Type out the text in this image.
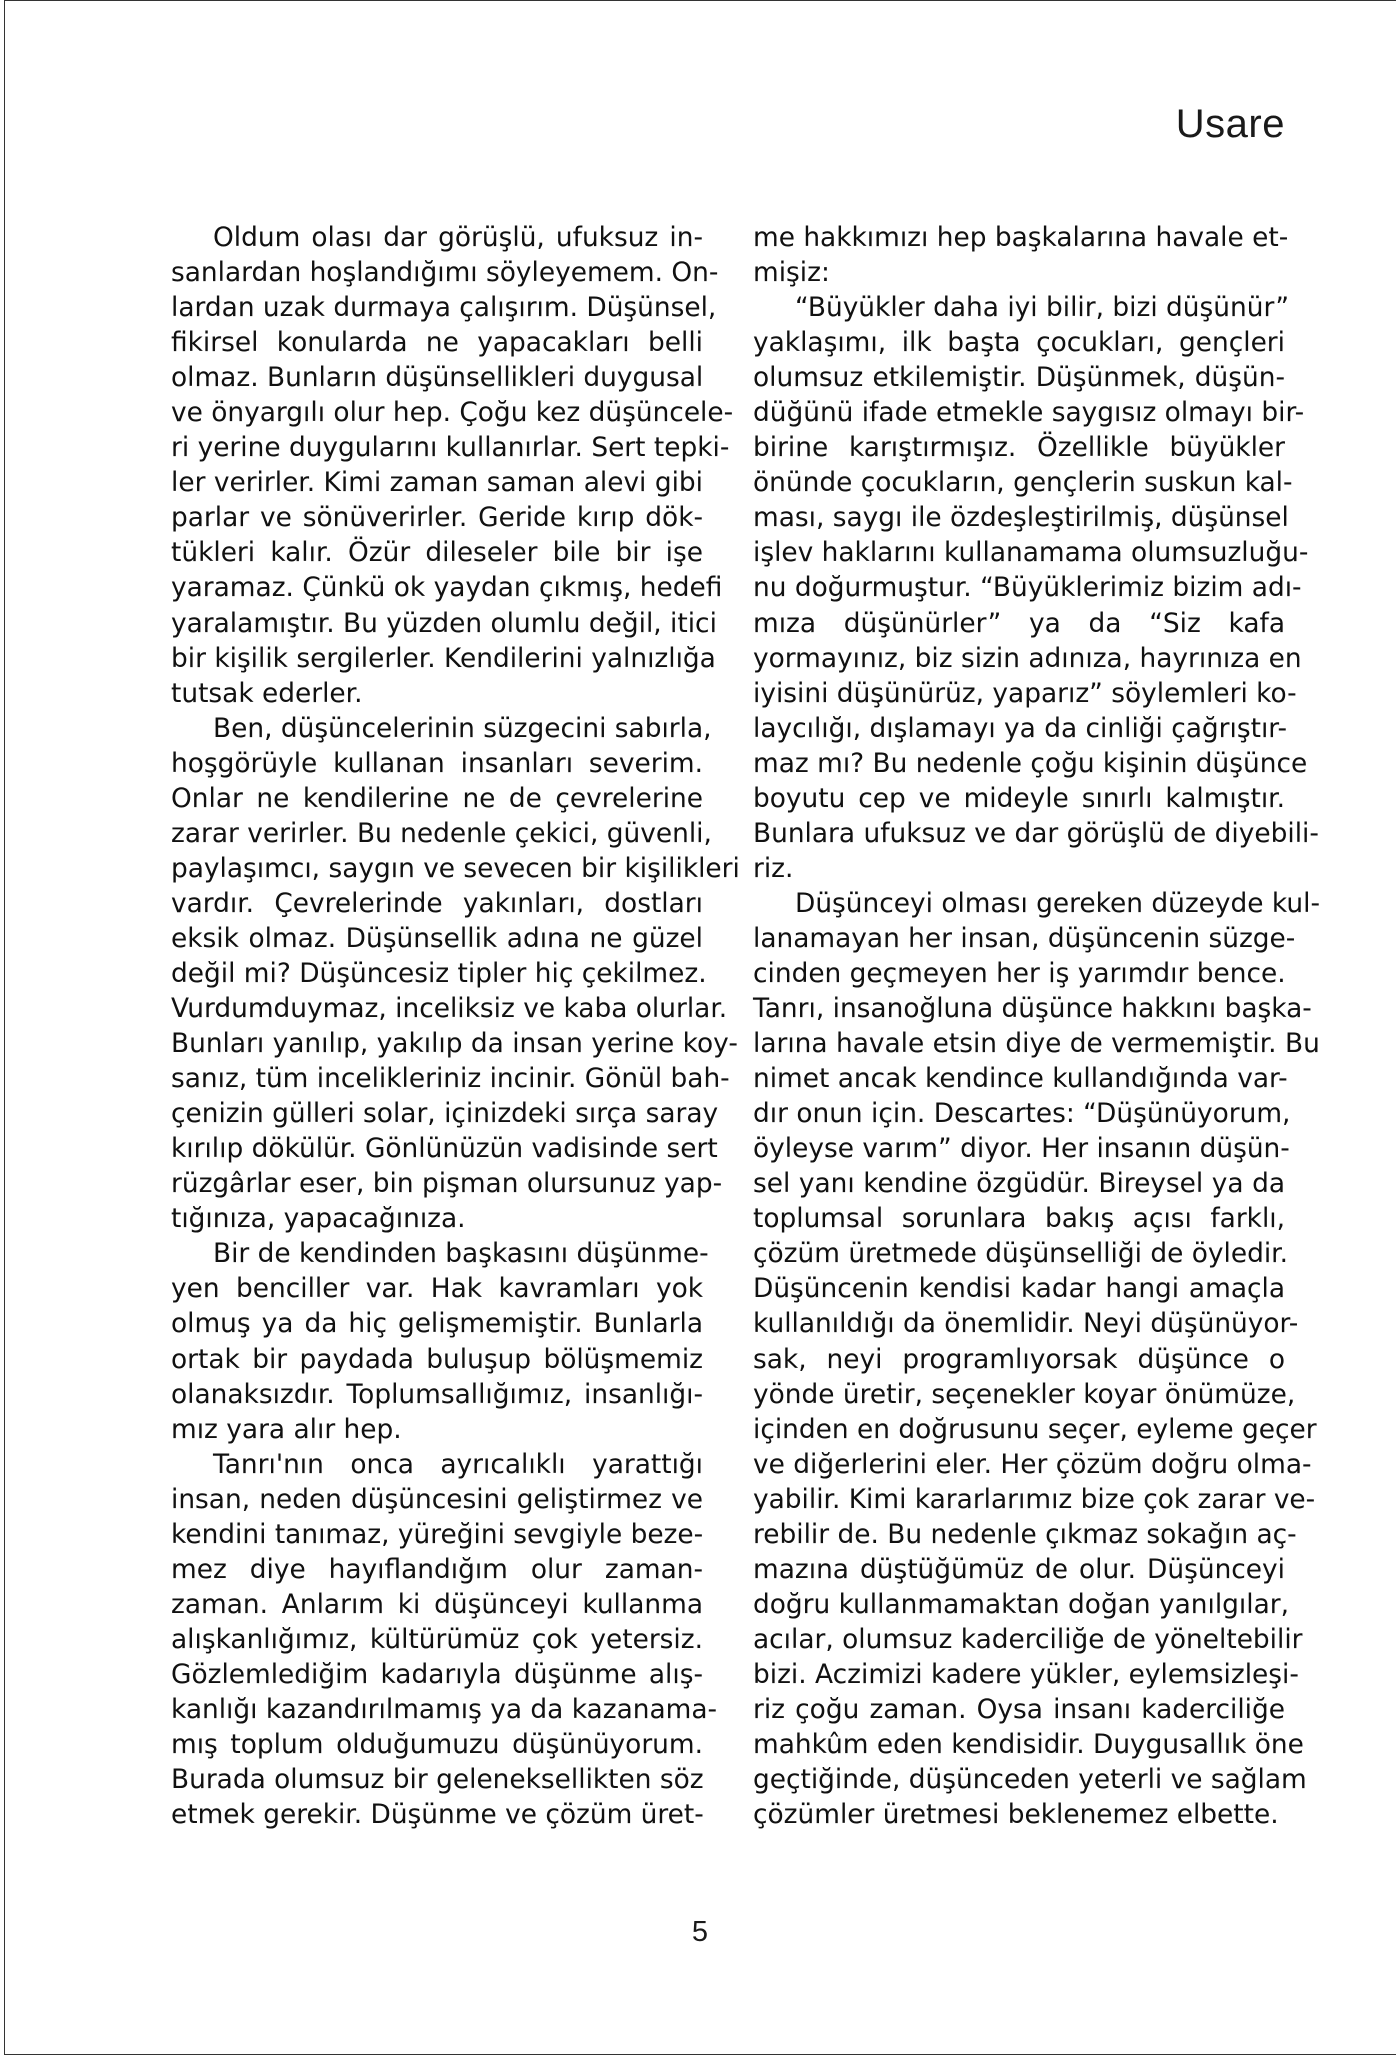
Usare
Oldum olası dar görüşlü, ufuksuz in-
sanlardan hoşlandığımı söyleyemem. On-
lardan uzak durmaya çalışırım. Düşünsel,
fikirsel konularda ne yapacakları belli
olmaz. Bunların düşünsellikleri duygusal
ve önyargılı olur hep. Çoğu kez düşüncele-
ri yerine duygularını kullanırlar. Sert tepki-
ler verirler. Kimi zaman saman alevi gibi
parlar ve sönüverirler. Geride kırıp dök-
tükleri kalır. Özür dileseler bile bir işe
yaramaz. Çünkü ok yaydan çıkmış, hedefi
yaralamıştır. Bu yüzden olumlu değil, itici
bir kişilik sergilerler. Kendilerini yalnızlığa
tutsak ederler.
Ben, düşüncelerinin süzgecini sabırla,
hoşgörüyle kullanan insanları severim.
Onlar ne kendilerine ne de çevrelerine
zarar verirler. Bu nedenle çekici, güvenli,
paylaşımcı, saygın ve sevecen bir kişilikleri
vardır. Çevrelerinde yakınları, dostları
eksik olmaz. Düşünsellik adına ne güzel
değil mi? Düşüncesiz tipler hiç çekilmez.
Vurdumduymaz, inceliksiz ve kaba olurlar.
Bunları yanılıp, yakılıp da insan yerine koy-
sanız, tüm incelikleriniz incinir. Gönül bah-
çenizin gülleri solar, içinizdeki sırça saray
kırılıp dökülür. Gönlünüzün vadisinde sert
rüzgârlar eser, bin pişman olursunuz yap-
tığınıza, yapacağınıza.
Bir de kendinden başkasını düşünme-
yen benciller var. Hak kavramları yok
olmuş ya da hiç gelişmemiştir. Bunlarla
ortak bir paydada buluşup bölüşmemiz
olanaksızdır. Toplumsallığımız, insanlığı-
mız yara alır hep.
Tanrı'nın onca ayrıcalıklı yarattığı
insan, neden düşüncesini geliştirmez ve
kendini tanımaz, yüreğini sevgiyle beze-
mez diye hayıflandığım olur zaman-
zaman. Anlarım ki düşünceyi kullanma
alışkanlığımız, kültürümüz çok yetersiz.
Gözlemlediğim kadarıyla düşünme alış-
kanlığı kazandırılmamış ya da kazanama-
mış toplum olduğumuzu düşünüyorum.
Burada olumsuz bir geleneksellikten söz
etmek gerekir. Düşünme ve çözüm üret-
me hakkımızı hep başkalarına havale et-
mişiz:
“Büyükler daha iyi bilir, bizi düşünür”
yaklaşımı, ilk başta çocukları, gençleri
olumsuz etkilemiştir. Düşünmek, düşün-
düğünü ifade etmekle saygısız olmayı bir-
birine karıştırmışız. Özellikle büyükler
önünde çocukların, gençlerin suskun kal-
ması, saygı ile özdeşleştirilmiş, düşünsel
işlev haklarını kullanamama olumsuzluğu-
nu doğurmuştur. “Büyüklerimiz bizim adı-
mıza düşünürler” ya da “Siz kafa
yormayınız, biz sizin adınıza, hayrınıza en
iyisini düşünürüz, yaparız” söylemleri ko-
laycılığı, dışlamayı ya da cinliği çağrıştır-
maz mı? Bu nedenle çoğu kişinin düşünce
boyutu cep ve mideyle sınırlı kalmıştır.
Bunlara ufuksuz ve dar görüşlü de diyebili-
riz.
Düşünceyi olması gereken düzeyde kul-
lanamayan her insan, düşüncenin süzge-
cinden geçmeyen her iş yarımdır bence.
Tanrı, insanoğluna düşünce hakkını başka-
larına havale etsin diye de vermemiştir. Bu
nimet ancak kendince kullandığında var-
dır onun için. Descartes: “Düşünüyorum,
öyleyse varım” diyor. Her insanın düşün-
sel yanı kendine özgüdür. Bireysel ya da
toplumsal sorunlara bakış açısı farklı,
çözüm üretmede düşünselliği de öyledir.
Düşüncenin kendisi kadar hangi amaçla
kullanıldığı da önemlidir. Neyi düşünüyor-
sak, neyi programlıyorsak düşünce o
yönde üretir, seçenekler koyar önümüze,
içinden en doğrusunu seçer, eyleme geçer
ve diğerlerini eler. Her çözüm doğru olma-
yabilir. Kimi kararlarımız bize çok zarar ve-
rebilir de. Bu nedenle çıkmaz sokağın aç-
mazına düştüğümüz de olur. Düşünceyi
doğru kullanmamaktan doğan yanılgılar,
acılar, olumsuz kaderciliğe de yöneltebilir
bizi. Aczimizi kadere yükler, eylemsizleşi-
riz çoğu zaman. Oysa insanı kaderciliğe
mahkûm eden kendisidir. Duygusallık öne
geçtiğinde, düşünceden yeterli ve sağlam
çözümler üretmesi beklenemez elbette.
5
